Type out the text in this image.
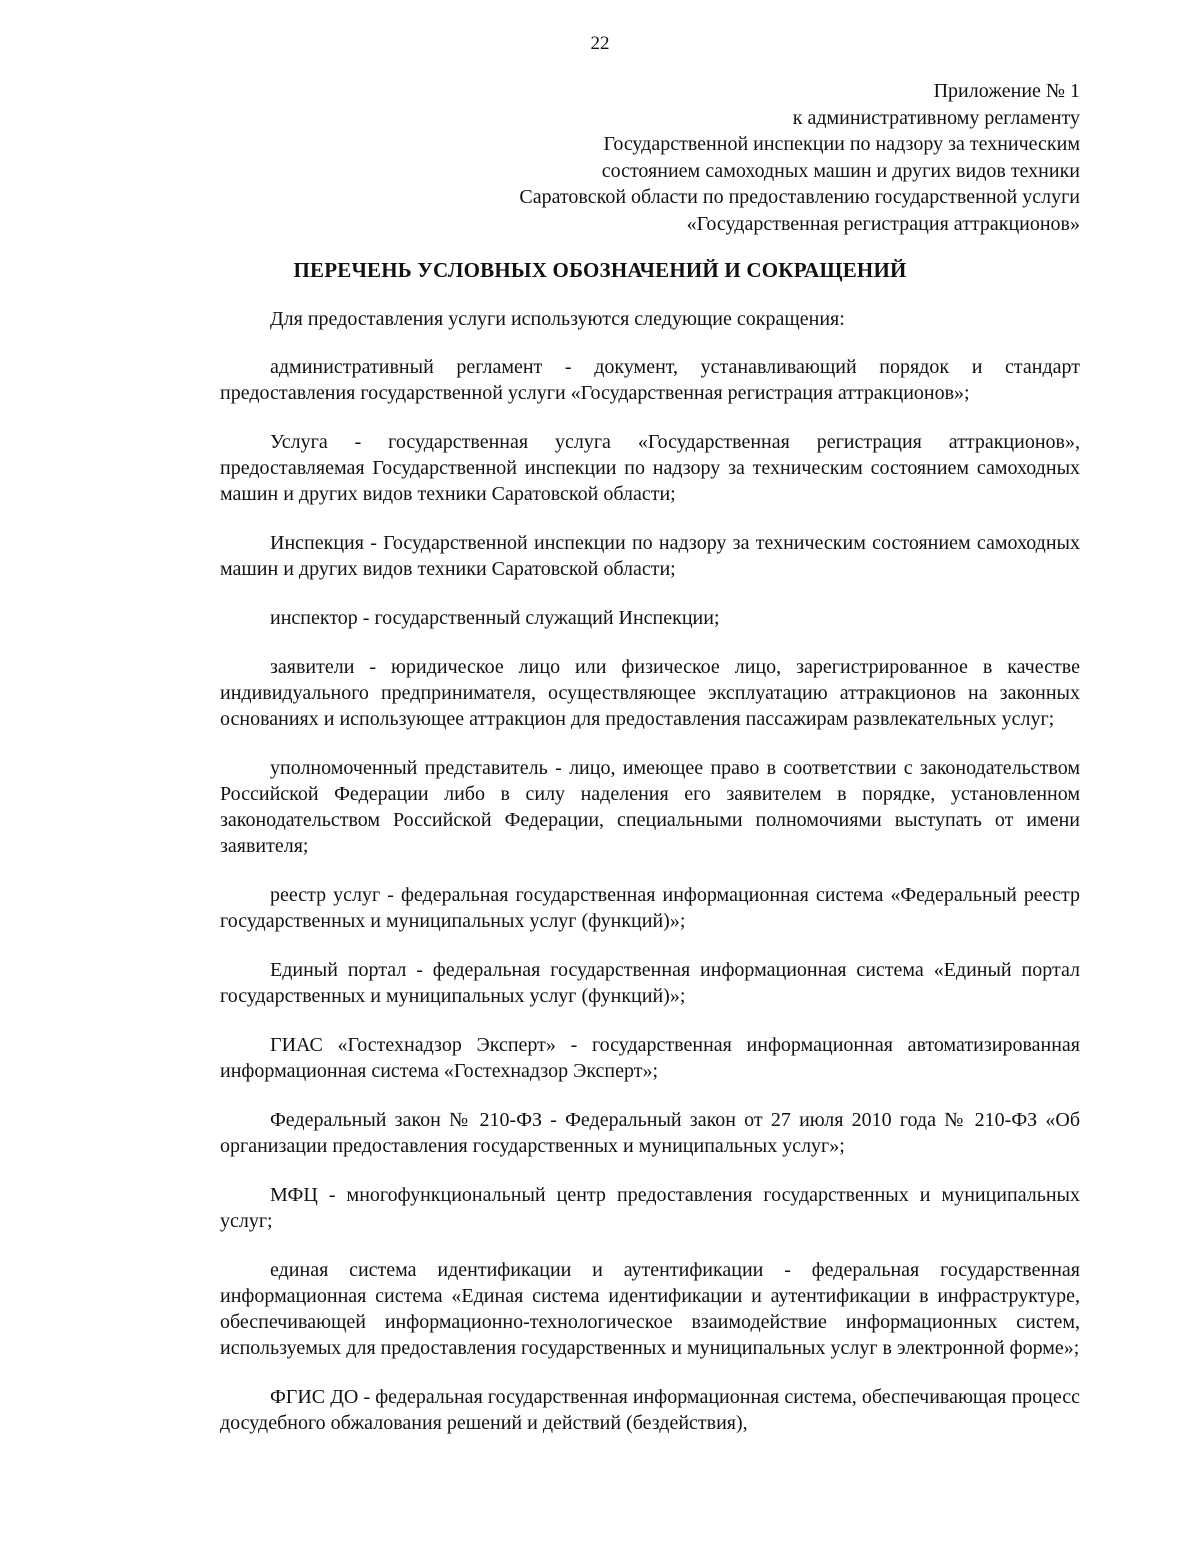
22
Приложение № 1
к административному регламенту
Государственной инспекции по надзору за техническим
состоянием самоходных машин и других видов техники
Саратовской области по предоставлению государственной услуги
«Государственная регистрация аттракционов»
ПЕРЕЧЕНЬ УСЛОВНЫХ ОБОЗНАЧЕНИЙ И СОКРАЩЕНИЙ
Для предоставления услуги используются следующие сокращения:

административный регламент - документ, устанавливающий порядок и стандарт предоставления государственной услуги «Государственная регистрация аттракционов»;

Услуга - государственная услуга «Государственная регистрация аттракционов», предоставляемая Государственной инспекции по надзору за техническим состоянием самоходных машин и других видов техники Саратовской области;

Инспекция - Государственной инспекции по надзору за техническим состоянием самоходных машин и других видов техники Саратовской области;

инспектор - государственный служащий Инспекции;

заявители - юридическое лицо или физическое лицо, зарегистрированное в качестве индивидуального предпринимателя, осуществляющее эксплуатацию аттракционов на законных основаниях и использующее аттракцион для предоставления пассажирам развлекательных услуг;

уполномоченный представитель - лицо, имеющее право в соответствии с законодательством Российской Федерации либо в силу наделения его заявителем в порядке, установленном законодательством Российской Федерации, специальными полномочиями выступать от имени заявителя;

реестр услуг - федеральная государственная информационная система «Федеральный реестр государственных и муниципальных услуг (функций)»;

Единый портал - федеральная государственная информационная система «Единый портал государственных и муниципальных услуг (функций)»;

ГИАС «Гостехнадзор Эксперт» - государственная информационная автоматизированная информационная система «Гостехнадзор Эксперт»;

Федеральный закон № 210-ФЗ - Федеральный закон от 27 июля 2010 года № 210-ФЗ «Об организации предоставления государственных и муниципальных услуг»;

МФЦ - многофункциональный центр предоставления государственных и муниципальных услуг;

единая система идентификации и аутентификации - федеральная государственная информационная система «Единая система идентификации и аутентификации в инфраструктуре, обеспечивающей информационно-технологическое взаимодействие информационных систем, используемых для предоставления государственных и муниципальных услуг в электронной форме»;

ФГИС ДО - федеральная государственная информационная система, обеспечивающая процесс досудебного обжалования решений и действий (бездействия),
